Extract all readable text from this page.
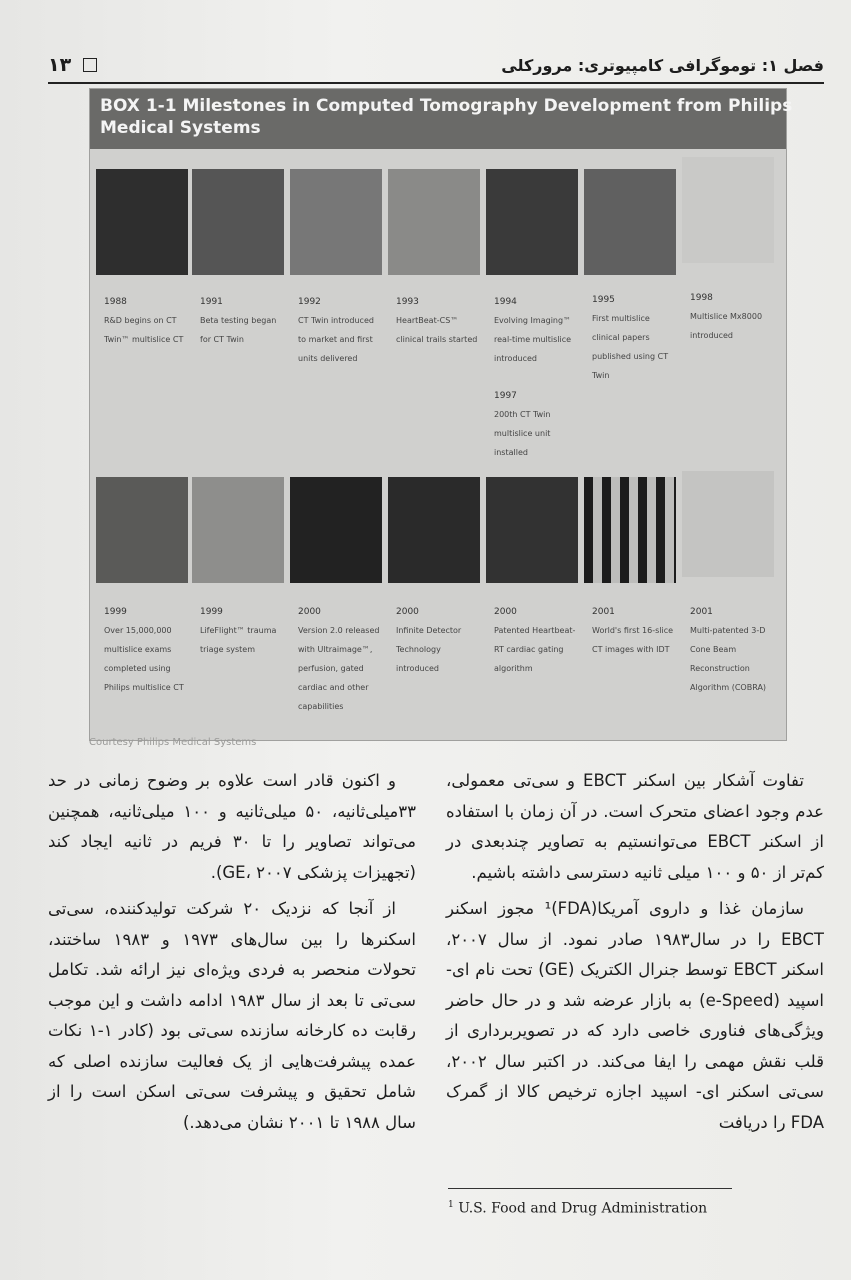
فصل ۱: توموگرافی کامپیوتری: مرورکلی
۱۳
BOX 1-1 Milestones in Computed Tomography Development from Philips
Medical Systems
1988
R&D begins on CT Twin™ multislice CT
1991
Beta testing began for CT Twin
1992
CT Twin introduced to market and first units delivered
1993
HeartBeat-CS™ clinical trails started
1994
Evolving Imaging™ real-time multislice introduced
1997
200th CT Twin multislice unit installed
1995
First multislice clinical papers published using CT Twin
1998
Multislice Mx8000 introduced
1999
Over 15,000,000 multislice exams completed using Philips multislice CT
1999
LifeFlight™ trauma triage system
2000
Version 2.0 released with Ultraimage™, perfusion, gated cardiac and other capabilities
2000
Infinite Detector Technology introduced
2000
Patented Heartbeat-RT cardiac gating algorithm
2001
World's first 16-slice CT images with IDT
2001
Multi-patented 3-D Cone Beam Reconstruction Algorithm (COBRA)
Courtesy Philips Medical Systems

تفاوت آشکار بین اسکنر EBCT و سی‌تی معمولی، عدم وجود اعضای متحرک است. در آن زمان با استفاده از اسکنر EBCT می‌توانستیم به تصاویر چندبعدی در کم‌تر از ۵۰ و ۱۰۰ میلی ثانیه دسترسی داشته باشیم.

سازمان غذا و داروی آمریکا(FDA)¹ مجوز اسکنر EBCT را در سال۱۹۸۳ صادر نمود. از سال ۲۰۰۷، اسکنر EBCT توسط جنرال الکتریک (GE) تحت نام ای- اسپید (e-Speed) به بازار عرضه شد و در حال حاضر ویژگی‌های فناوری خاصی دارد که در تصویربرداری از قلب نقش مهمی را ایفا می‌کند. در اکتبر سال ۲۰۰۲، سی‌تی اسکنر ای- اسپید اجازه ترخیص کالا از گمرک FDA را دریافت

و اکنون قادر است علاوه بر وضوح زمانی در حد ۳۳میلی‌ثانیه، ۵۰ میلی‌ثانیه و ۱۰۰ میلی‌ثانیه، همچنین می‌تواند تصاویر را تا ۳۰ فریم در ثانیه ایجاد کند (تجهیزات پزشکی GE، ۲۰۰۷).

از آنجا که نزدیک ۲۰ شرکت تولیدکننده، سی‌تی اسکنرها را بین سال‌های ۱۹۷۳ و ۱۹۸۳ ساختند، تحولات منحصر به فردی ویژه‌ای نیز ارائه شد. تکامل سی‌تی تا بعد از سال ۱۹۸۳ ادامه داشت و این موجب رقابت ده کارخانه سازنده سی‌تی بود (کادر ۱-۱ نکات عمده پیشرفت‌هایی از یک فعالیت سازنده اصلی که شامل تحقیق و پیشرفت سی‌تی اسکن است را از سال ۱۹۸۸ تا ۲۰۰۱ نشان می‌دهد.)

$^1$ U.S. Food and Drug Administration
